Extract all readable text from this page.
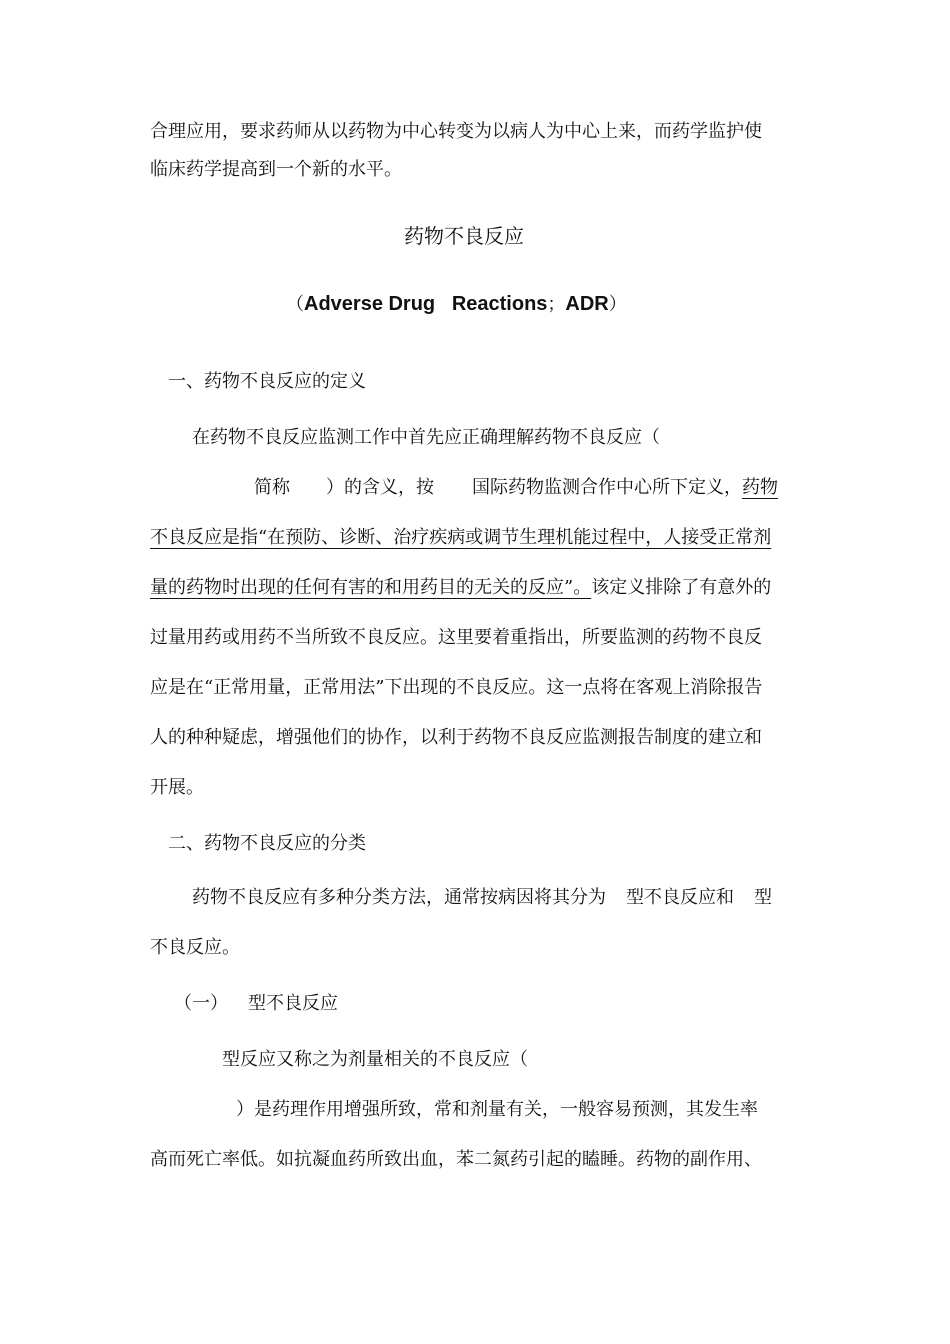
合理应用，要求药师从以药物为中心转变为以病人为中心上来，而药学监护使

临床药学提高到一个新的水平。

药物不良反应

（Adverse Drug   Reactions；ADR）

一、药物不良反应的定义

在药物不良反应监测工作中首先应正确理解药物不良反应（

简称 ）的含义，按 国际药物监测合作中心所下定义，药物

不良反应是指“在预防、诊断、治疗疾病或调节生理机能过程中，人接受正常剂

量的药物时出现的任何有害的和用药目的无关的反应”。该定义排除了有意外的

过量用药或用药不当所致不良反应。这里要着重指出，所要监测的药物不良反

应是在“正常用量，正常用法”下出现的不良反应。这一点将在客观上消除报告

人的种种疑虑，增强他们的协作，以利于药物不良反应监测报告制度的建立和

开展。

二、药物不良反应的分类

药物不良反应有多种分类方法，通常按病因将其分为 型不良反应和 型

不良反应。

（一） 型不良反应

型反应又称之为剂量相关的不良反应（

）是药理作用增强所致，常和剂量有关，一般容易预测，其发生率

高而死亡率低。如抗凝血药所致出血，苯二氮药引起的瞌睡。药物的副作用、
